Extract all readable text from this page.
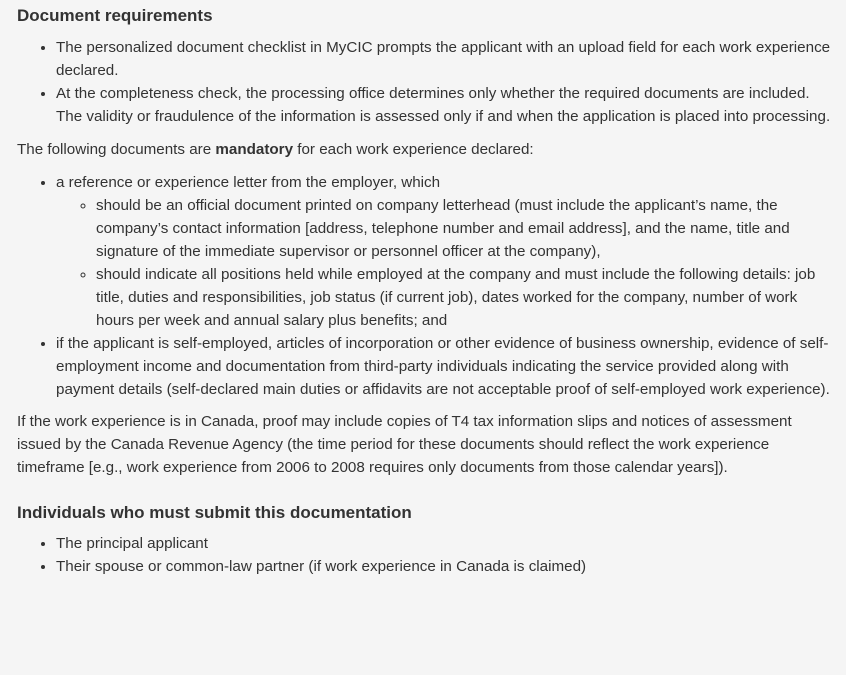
Document requirements
• The personalized document checklist in MyCIC prompts the applicant with an upload field for each work experience declared.
• At the completeness check, the processing office determines only whether the required documents are included. The validity or fraudulence of the information is assessed only if and when the application is placed into processing.

The following documents are mandatory for each work experience declared:

• a reference or experience letter from the employer, which
◦ should be an official document printed on company letterhead (must include the applicant’s name, the company’s contact information [address, telephone number and email address], and the name, title and signature of the immediate supervisor or personnel officer at the company),
◦ should indicate all positions held while employed at the company and must include the following details: job title, duties and responsibilities, job status (if current job), dates worked for the company, number of work hours per week and annual salary plus benefits; and
• if the applicant is self-employed, articles of incorporation or other evidence of business ownership, evidence of self-employment income and documentation from third-party individuals indicating the service provided along with payment details (self-declared main duties or affidavits are not acceptable proof of self-employed work experience).

If the work experience is in Canada, proof may include copies of T4 tax information slips and notices of assessment issued by the Canada Revenue Agency (the time period for these documents should reflect the work experience timeframe [e.g., work experience from 2006 to 2008 requires only documents from those calendar years]).

Individuals who must submit this documentation
• The principal applicant
• Their spouse or common-law partner (if work experience in Canada is claimed)
